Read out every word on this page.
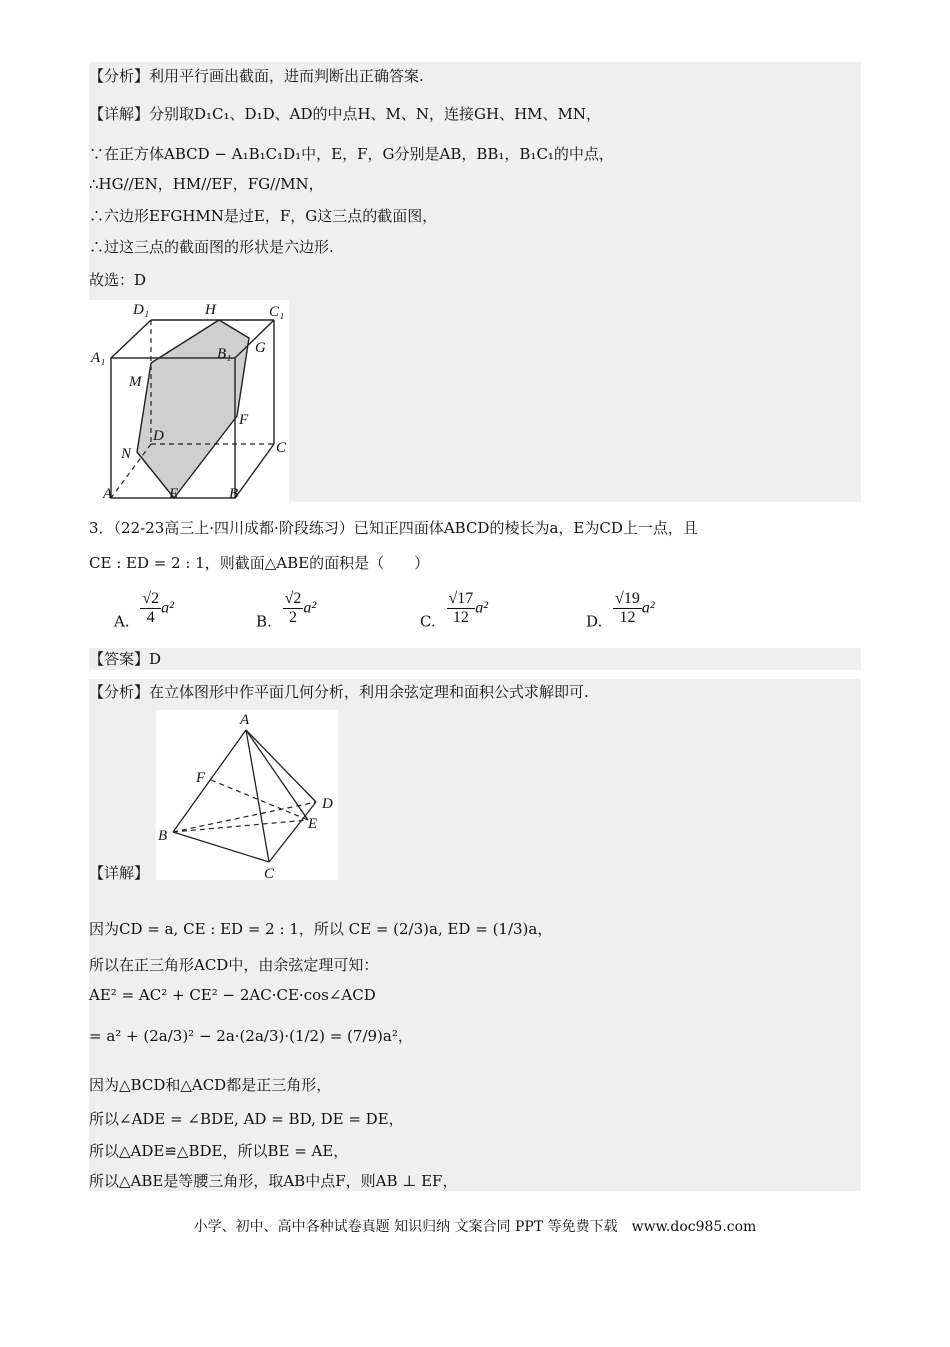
【分析】利用平行画出截面，进而判断出正确答案.
【详解】分别取D₁C₁、D₁D、AD的中点H、M、N，连接GH、HM、MN，
∵在正方体ABCD − A₁B₁C₁D₁中，E，F，G分别是AB，BB₁，B₁C₁的中点，
∴HG//EN，HM//EF，FG//MN，
∴六边形EFGHMN是过E，F，G这三点的截面图，
∴过这三点的截面图的形状是六边形.
故选：D
D₁	H	C₁
A₁	B₁ G
M
F
D
C
N
A	E	B
3．（22-23高三上·四川成都·阶段练习）已知正四面体ABCD的棱长为a，E为CD上一点，且
CE : ED = 2 : 1，则截面△ABE的面积是（　　）
A. $\frac{√2}{4} a^2$
B. $\frac{√2}{2} a^2$
C. $\frac{√17}{12} a^2$
D. $\frac{√19}{12} a^2$
【答案】D
【分析】在立体图形中作平面几何分析，利用余弦定理和面积公式求解即可.
A
F
D
E
B
C
【详解】
因为CD = a, CE : ED = 2 : 1，所以 CE = (2/3)a, ED = (1/3)a，
所以在正三角形ACD中，由余弦定理可知：
AE² = AC² + CE² − 2AC·CE·cos∠ACD
= a² + (2a/3)² − 2a·(2a/3)·(1/2) = (7/9)a²，
因为△BCD和△ACD都是正三角形，
所以∠ADE = ∠BDE, AD = BD, DE = DE，
所以△ADE≌△BDE，所以BE = AE，
所以△ABE是等腰三角形，取AB中点F，则AB ⊥ EF，
小学、初中、高中各种试卷真题 知识归纳 文案合同 PPT 等免费下载　www.doc985.com
